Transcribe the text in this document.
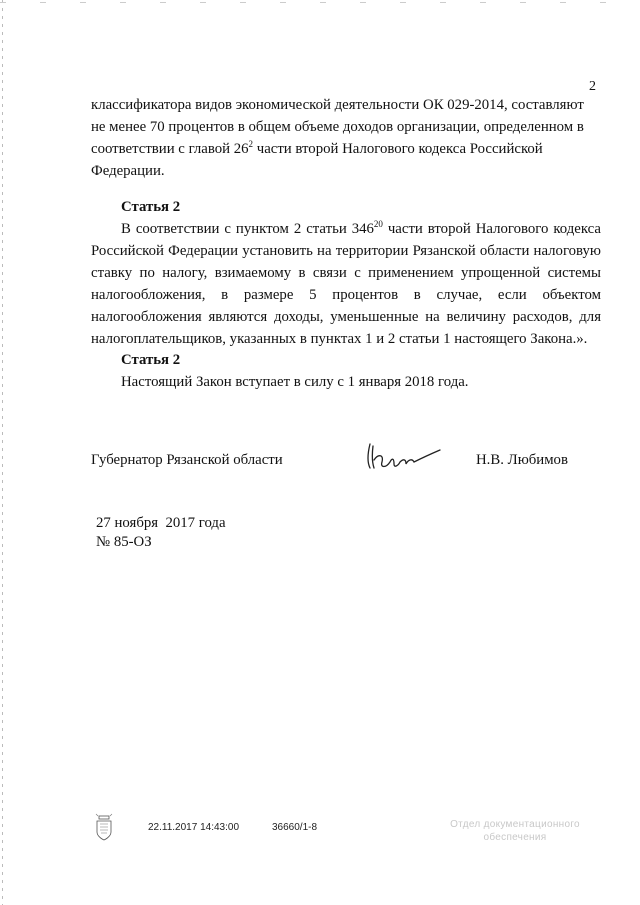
2
классификатора видов экономической деятельности ОК 029-2014, составляют
не менее 70 процентов в общем объеме доходов организации, определенном в
соответствии с главой $26^2$ части второй Налогового кодекса Российской
Федерации.
Статья 2
В соответствии с пунктом 2 статьи $346^{20}$ части второй Налогового кодекса Российской Федерации установить на территории Рязанской области налоговую ставку по налогу, взимаемому в связи с применением упрощенной системы налогообложения, в размере 5 процентов в случае, если объектом налогообложения являются доходы, уменьшенные на величину расходов, для налогоплательщиков, указанных в пунктах 1 и 2 статьи 1 настоящего Закона.».
Статья 2
Настоящий Закон вступает в силу с 1 января 2018 года.
Губернатор Рязанской области	Н.В. Любимов
27 ноября  2017 года
№ 85-ОЗ
22.11.2017 14:43:00	36660/1-8	Отдел документационного
обеспечения
